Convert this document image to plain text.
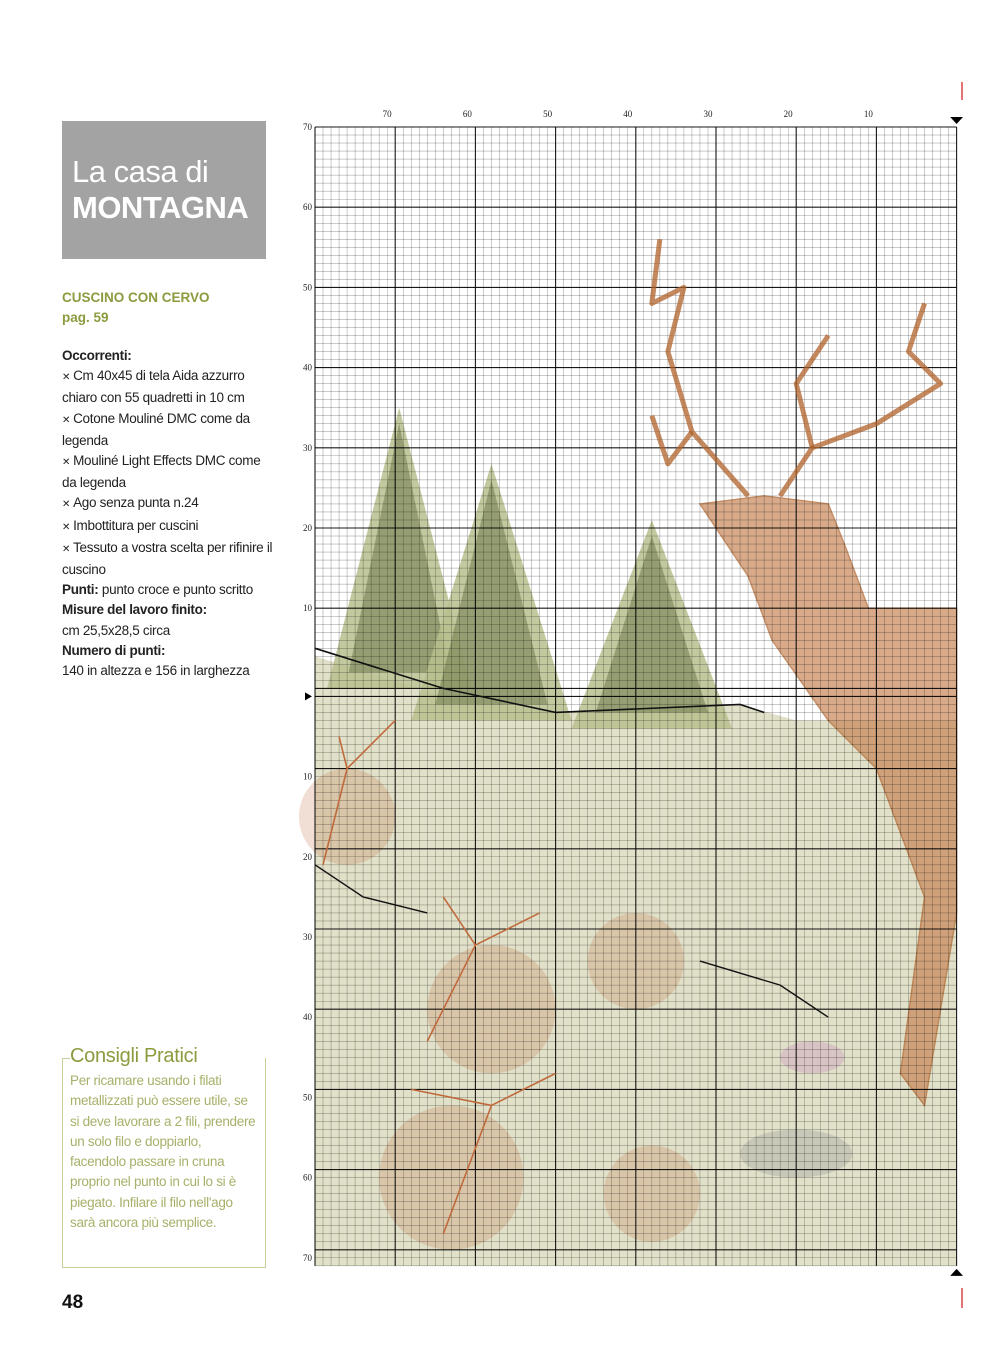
La casa di
MONTAGNA
CUSCINO CON CERVO
pag. 59
Occorrenti:
✕ Cm 40x45 di tela Aida azzurro chiaro con 55 quadretti in 10 cm
✕ Cotone Mouliné DMC come da legenda
✕ Mouliné Light Effects DMC come da legenda
✕ Ago senza punta n.24
✕ Imbottitura per cuscini
✕ Tessuto a vostra scelta per rifinire il cuscino
Punti: punto croce e punto scritto
Misure del lavoro finito:
cm 25,5x28,5 circa
Numero di punti:
140 in altezza e 156 in larghezza
Consigli Pratici
Per ricamare usando i filati metallizzati può essere utile, se si deve lavorare a 2 fili, prendere un solo filo e doppiarlo, facendolo passare in cruna proprio nel punto in cui lo si è piegato. Infilare il filo nell'ago sarà ancora più semplice.
48
70	60	50	40	30	20	10
70
60
50
40
30
20
10
10
20
30
40
50
60
70
